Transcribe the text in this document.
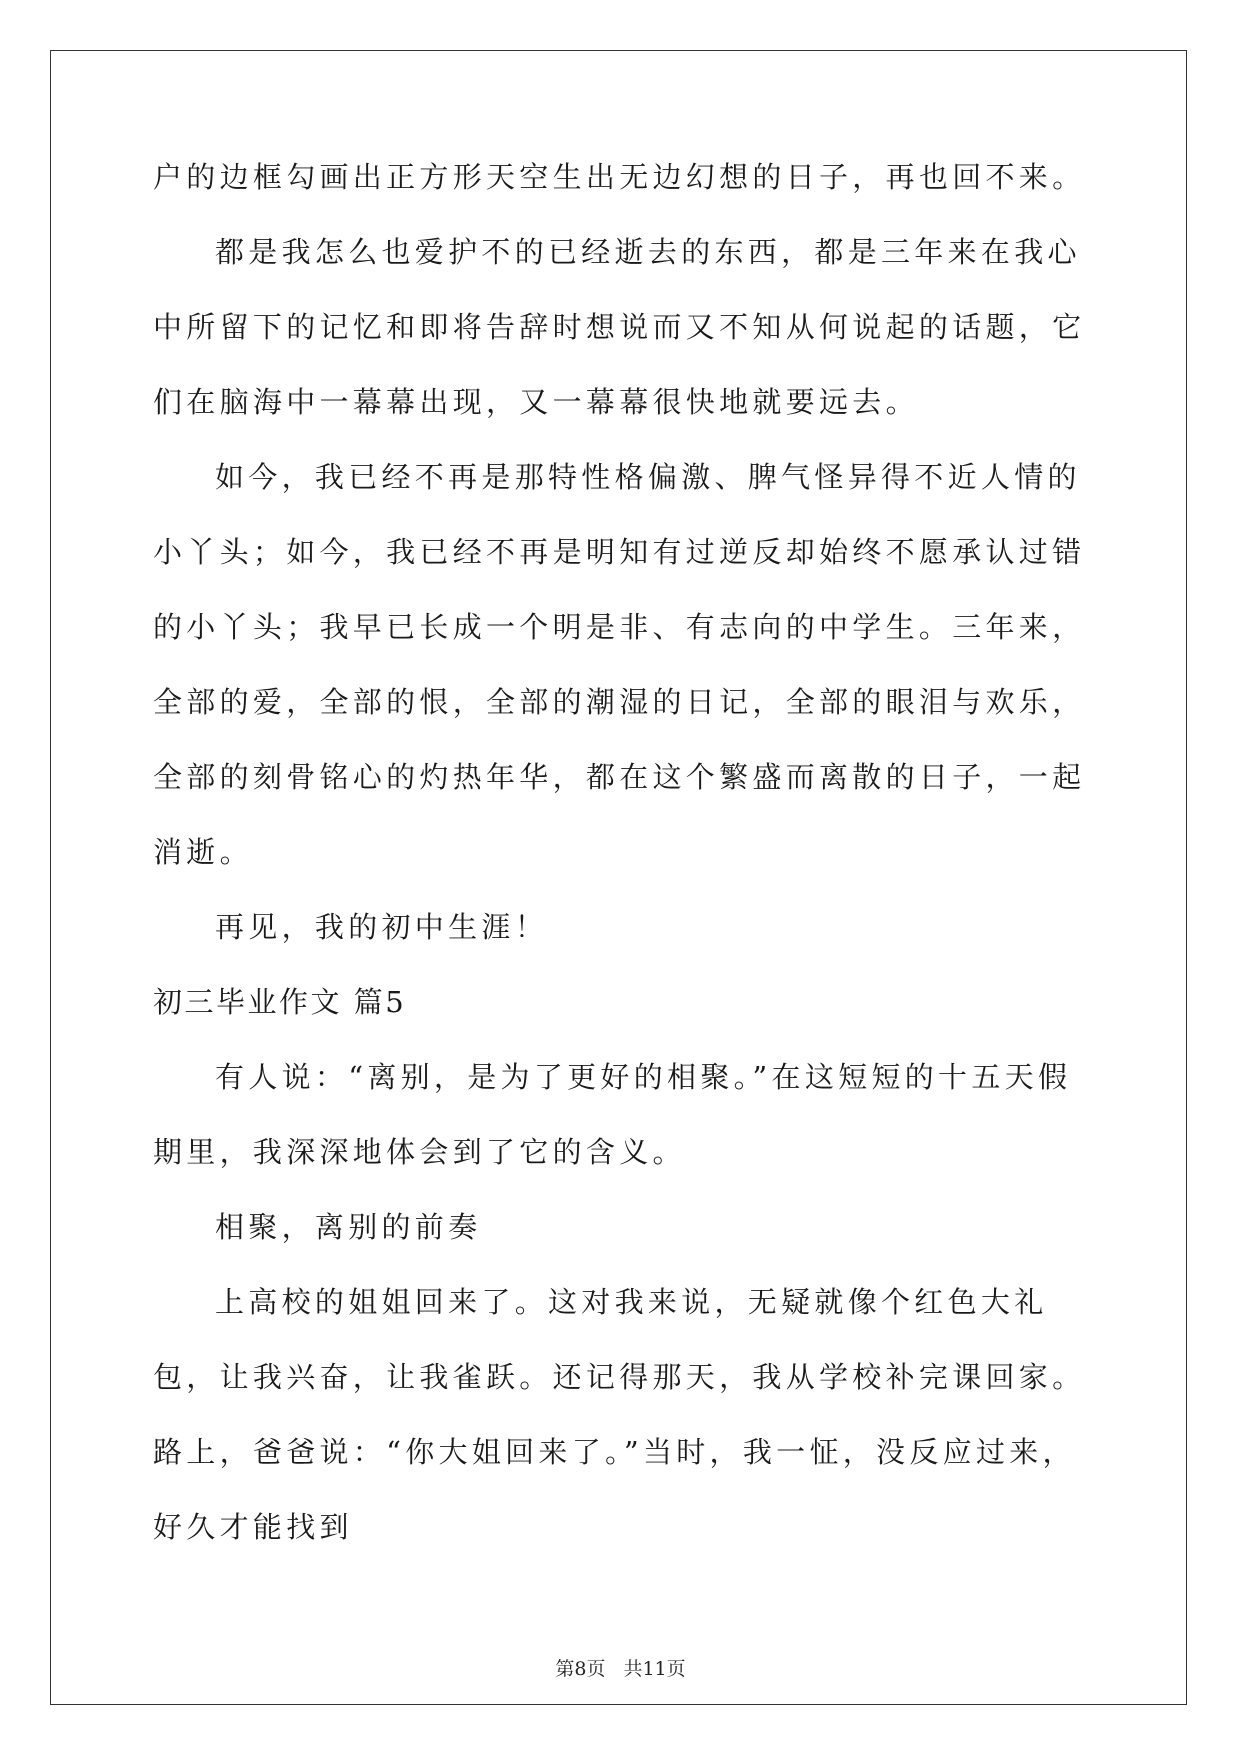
户的边框勾画出正方形天空生出无边幻想的日子，再也回不来。

都是我怎么也爱护不的已经逝去的东西，都是三年来在我心中所留下的记忆和即将告辞时想说而又不知从何说起的话题，它们在脑海中一幕幕出现，又一幕幕很快地就要远去。

如今，我已经不再是那特性格偏激、脾气怪异得不近人情的小丫头；如今，我已经不再是明知有过逆反却始终不愿承认过错的小丫头；我早已长成一个明是非、有志向的中学生。三年来，全部的爱，全部的恨，全部的潮湿的日记，全部的眼泪与欢乐，全部的刻骨铭心的灼热年华，都在这个繁盛而离散的日子，一起消逝。

再见，我的初中生涯！

初三毕业作文 篇5

有人说：“离别，是为了更好的相聚。”在这短短的十五天假期里，我深深地体会到了它的含义。

相聚，离别的前奏

上高校的姐姐回来了。这对我来说，无疑就像个红色大礼包，让我兴奋，让我雀跃。还记得那天，我从学校补完课回家。路上，爸爸说：“你大姐回来了。”当时，我一怔，没反应过来，好久才能找到

第8页 共11页
